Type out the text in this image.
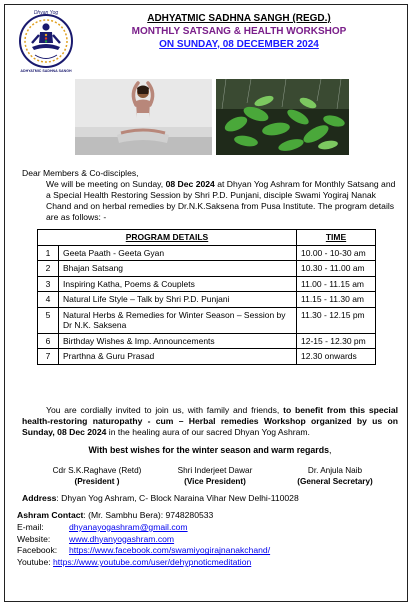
Dhyan Yog
ADHYATMIC SADHNA SANGH
ADHYATMIC SADHNA SANGH (REGD.)
MONTHLY SATSANG & HEALTH WORKSHOP
ON SUNDAY, 08 DECEMBER 2024
Dear Members & Co-disciples,
We will be meeting on Sunday, 08 Dec 2024 at Dhyan Yog Ashram for Monthly Satsang and a Special Health Restoring Session by Shri P.D. Punjani, disciple Swami Yogiraj Nanak Chand and on herbal remedies by Dr.N.K.Saksena from Pusa Institute. The program details are as follows: -
PROGRAM DETAILS		TIME
1	Geeta Paath - Geeta Gyan	10.00 - 10-30 am
2	Bhajan Satsang	10.30 - 11.00 am
3	Inspiring Katha, Poems & Couplets	11.00 - 11.15 am
4	Natural Life Style – Talk by Shri P.D. Punjani	11.15 - 11.30 am
5	Natural Herbs & Remedies for Winter Season – Session by Dr N.K. Saksena	11.30 - 12.15 pm
6	Birthday Wishes & Imp. Announcements	12-15 - 12.30 pm
7	Prarthna & Guru Prasad	12.30 onwards
You are cordially invited to join us, with family and friends, to benefit from this special health-restoring naturopathy - cum – Herbal remedies Workshop organized by us on Sunday, 08 Dec 2024 in the healing aura of our sacred Dhyan Yog Ashram.
With best wishes for the winter season and warm regards,
Cdr S.K.Raghave (Retd)
(President )
Shri Inderjeet Dawar
(Vice President)
Dr. Anjula Naib
(General Secretary)
Address: Dhyan Yog Ashram, C- Block Naraina Vihar New Delhi-110028
Ashram Contact: (Mr. Sambhu Bera): 9748280533
E-mail:	dhyanayogashram@gmail.com
Website: www.dhyanyogashram.com
Facebook: https://www.facebook.com/swamiyogirajnanakchand/
Youtube: https://www.youtube.com/user/dehypnoticmeditation
